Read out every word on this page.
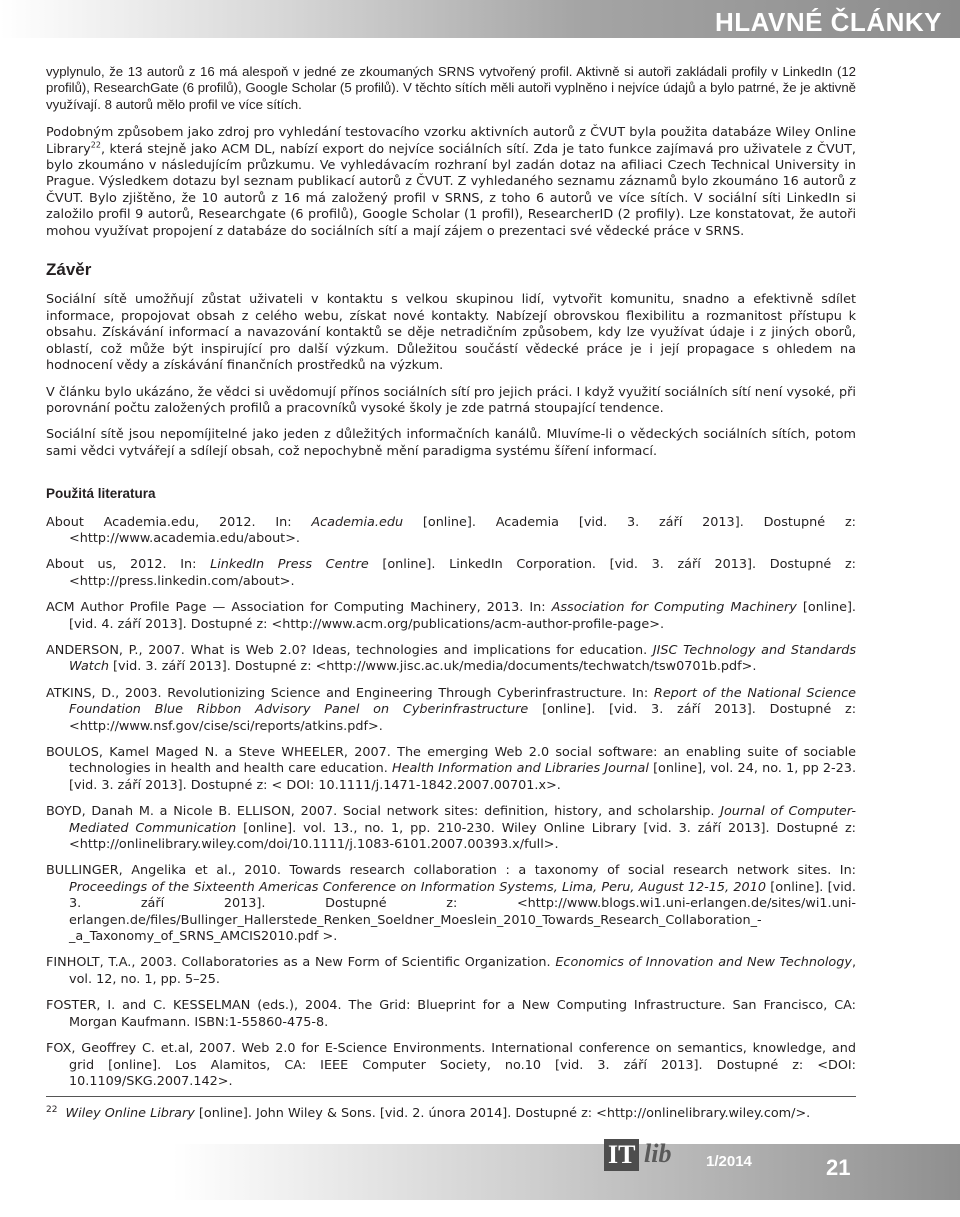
HLAVNÉ ČLÁNKY
HLAVNÉ ČLÁNKY

vyplynulo, že 13 autorů z 16 má alespoň v jedné ze zkoumaných SRNS vytvořený profil. Aktivně si autoři zakládali profily v LinkedIn (12 profilů), ResearchGate (6 profilů), Google Scholar (5 profilů). V těchto sítích měli autoři vyplněno i nejvíce údajů a bylo patrné, že je aktivně využívají. 8 autorů mělo profil ve více sítích.

Podobným způsobem jako zdroj pro vyhledání testovacího vzorku aktivních autorů z ČVUT byla použita databáze Wiley Online Library$^{22}$, která stejně jako ACM DL, nabízí export do nejvíce sociálních sítí. Zda je tato funkce zajímavá pro uživatele z ČVUT, bylo zkoumáno v následujícím průzkumu. Ve vyhledávacím rozhraní byl zadán dotaz na afiliaci Czech Technical University in Prague. Výsledkem dotazu byl seznam publikací autorů z ČVUT. Z vyhledaného seznamu záznamů bylo zkoumáno 16 autorů z ČVUT. Bylo zjištěno, že 10 autorů z 16 má založený profil v SRNS, z toho 6 autorů ve více sítích. V sociální síti LinkedIn si založilo profil 9 autorů, Researchgate (6 profilů), Google Scholar (1 profil), ResearcherID (2 profily). Lze konstatovat, že autoři mohou využívat propojení z databáze do sociálních sítí a mají zájem o prezentaci své vědecké práce v SRNS.

Závěr

Sociální sítě umožňují zůstat uživateli v kontaktu s velkou skupinou lidí, vytvořit komunitu, snadno a efektivně sdílet informace, propojovat obsah z celého webu, získat nové kontakty. Nabízejí obrovskou flexibilitu a rozmanitost přístupu k obsahu. Získávání informací a navazování kontaktů se děje netradičním způsobem, kdy lze využívat údaje i z jiných oborů, oblastí, což může být inspirující pro další výzkum. Důležitou součástí vědecké práce je i její propagace s ohledem na hodnocení vědy a získávání finančních prostředků na výzkum.

V článku bylo ukázáno, že vědci si uvědomují přínos sociálních sítí pro jejich práci. I když využití sociálních sítí není vysoké, při porovnání počtu založených profilů a pracovníků vysoké školy je zde patrná stoupající tendence.

Sociální sítě jsou nepomíjitelné jako jeden z důležitých informačních kanálů. Mluvíme-li o vědeckých sociálních sítích, potom sami vědci vytvářejí a sdílejí obsah, což nepochybně mění paradigma systému šíření informací.

Použitá literatura

About Academia.edu, 2012. In: Academia.edu [online]. Academia [vid. 3. září 2013]. Dostupné z: <http://www.academia.edu/about>.

About us, 2012. In: LinkedIn Press Centre [online]. LinkedIn Corporation. [vid. 3. září 2013]. Dostupné z: <http://press.linkedin.com/about>.

ACM Author Profile Page — Association for Computing Machinery, 2013. In: Association for Computing Machinery [online]. [vid. 4. září 2013]. Dostupné z: <http://www.acm.org/publications/acm-author-profile-page>.

ANDERSON, P., 2007. What is Web 2.0? Ideas, technologies and implications for education. JISC Technology and Standards Watch [vid. 3. září 2013]. Dostupné z: <http://www.jisc.ac.uk/media/documents/techwatch/tsw0701b.pdf>.

ATKINS, D., 2003. Revolutionizing Science and Engineering Through Cyberinfrastructure. In: Report of the National Science Foundation Blue Ribbon Advisory Panel on Cyberinfrastructure [online]. [vid. 3. září 2013]. Dostupné z: <http://www.nsf.gov/cise/sci/reports/atkins.pdf>.

BOULOS, Kamel Maged N. a Steve WHEELER, 2007. The emerging Web 2.0 social software: an enabling suite of sociable technologies in health and health care education. Health Information and Libraries Journal [online], vol. 24, no. 1, pp 2-23. [vid. 3. září 2013]. Dostupné z: < DOI: 10.1111/j.1471-1842.2007.00701.x>.

BOYD, Danah M. a Nicole B. ELLISON, 2007. Social network sites: definition, history, and scholarship. Journal of Computer-Mediated Communication [online]. vol. 13., no. 1, pp. 210-230. Wiley Online Library [vid. 3. září 2013]. Dostupné z: <http://onlinelibrary.wiley.com/doi/10.1111/j.1083-6101.2007.00393.x/full>.

BULLINGER, Angelika et al., 2010. Towards research collaboration : a taxonomy of social research network sites. In: Proceedings of the Sixteenth Americas Conference on Information Systems, Lima, Peru, August 12-15, 2010 [online]. [vid. 3. září 2013]. Dostupné z: <http://www.blogs.wi1.uni-erlangen.de/sites/wi1.uni-erlangen.de/files/Bullinger_Hallerstede_Renken_Soeldner_Moeslein_2010_Towards_Research_Collaboration_-_a_Taxonomy_of_SRNS_AMCIS2010.pdf >.

FINHOLT, T.A., 2003. Collaboratories as a New Form of Scientific Organization. Economics of Innovation and New Technology, vol. 12, no. 1, pp. 5–25.

FOSTER, I. and C. KESSELMAN (eds.), 2004. The Grid: Blueprint for a New Computing Infrastructure. San Francisco, CA: Morgan Kaufmann. ISBN:1-55860-475-8.

FOX, Geoffrey C. et.al, 2007. Web 2.0 for E-Science Environments. International conference on semantics, knowledge, and grid [online]. Los Alamitos, CA: IEEE Computer Society, no.10 [vid. 3. září 2013]. Dostupné z: <DOI: 10.1109/SKG.2007.142>.

$^{22}$ Wiley Online Library [online]. John Wiley & Sons. [vid. 2. února 2014]. Dostupné z: <http://onlinelibrary.wiley.com/>.
IT lib 1/2014	21
